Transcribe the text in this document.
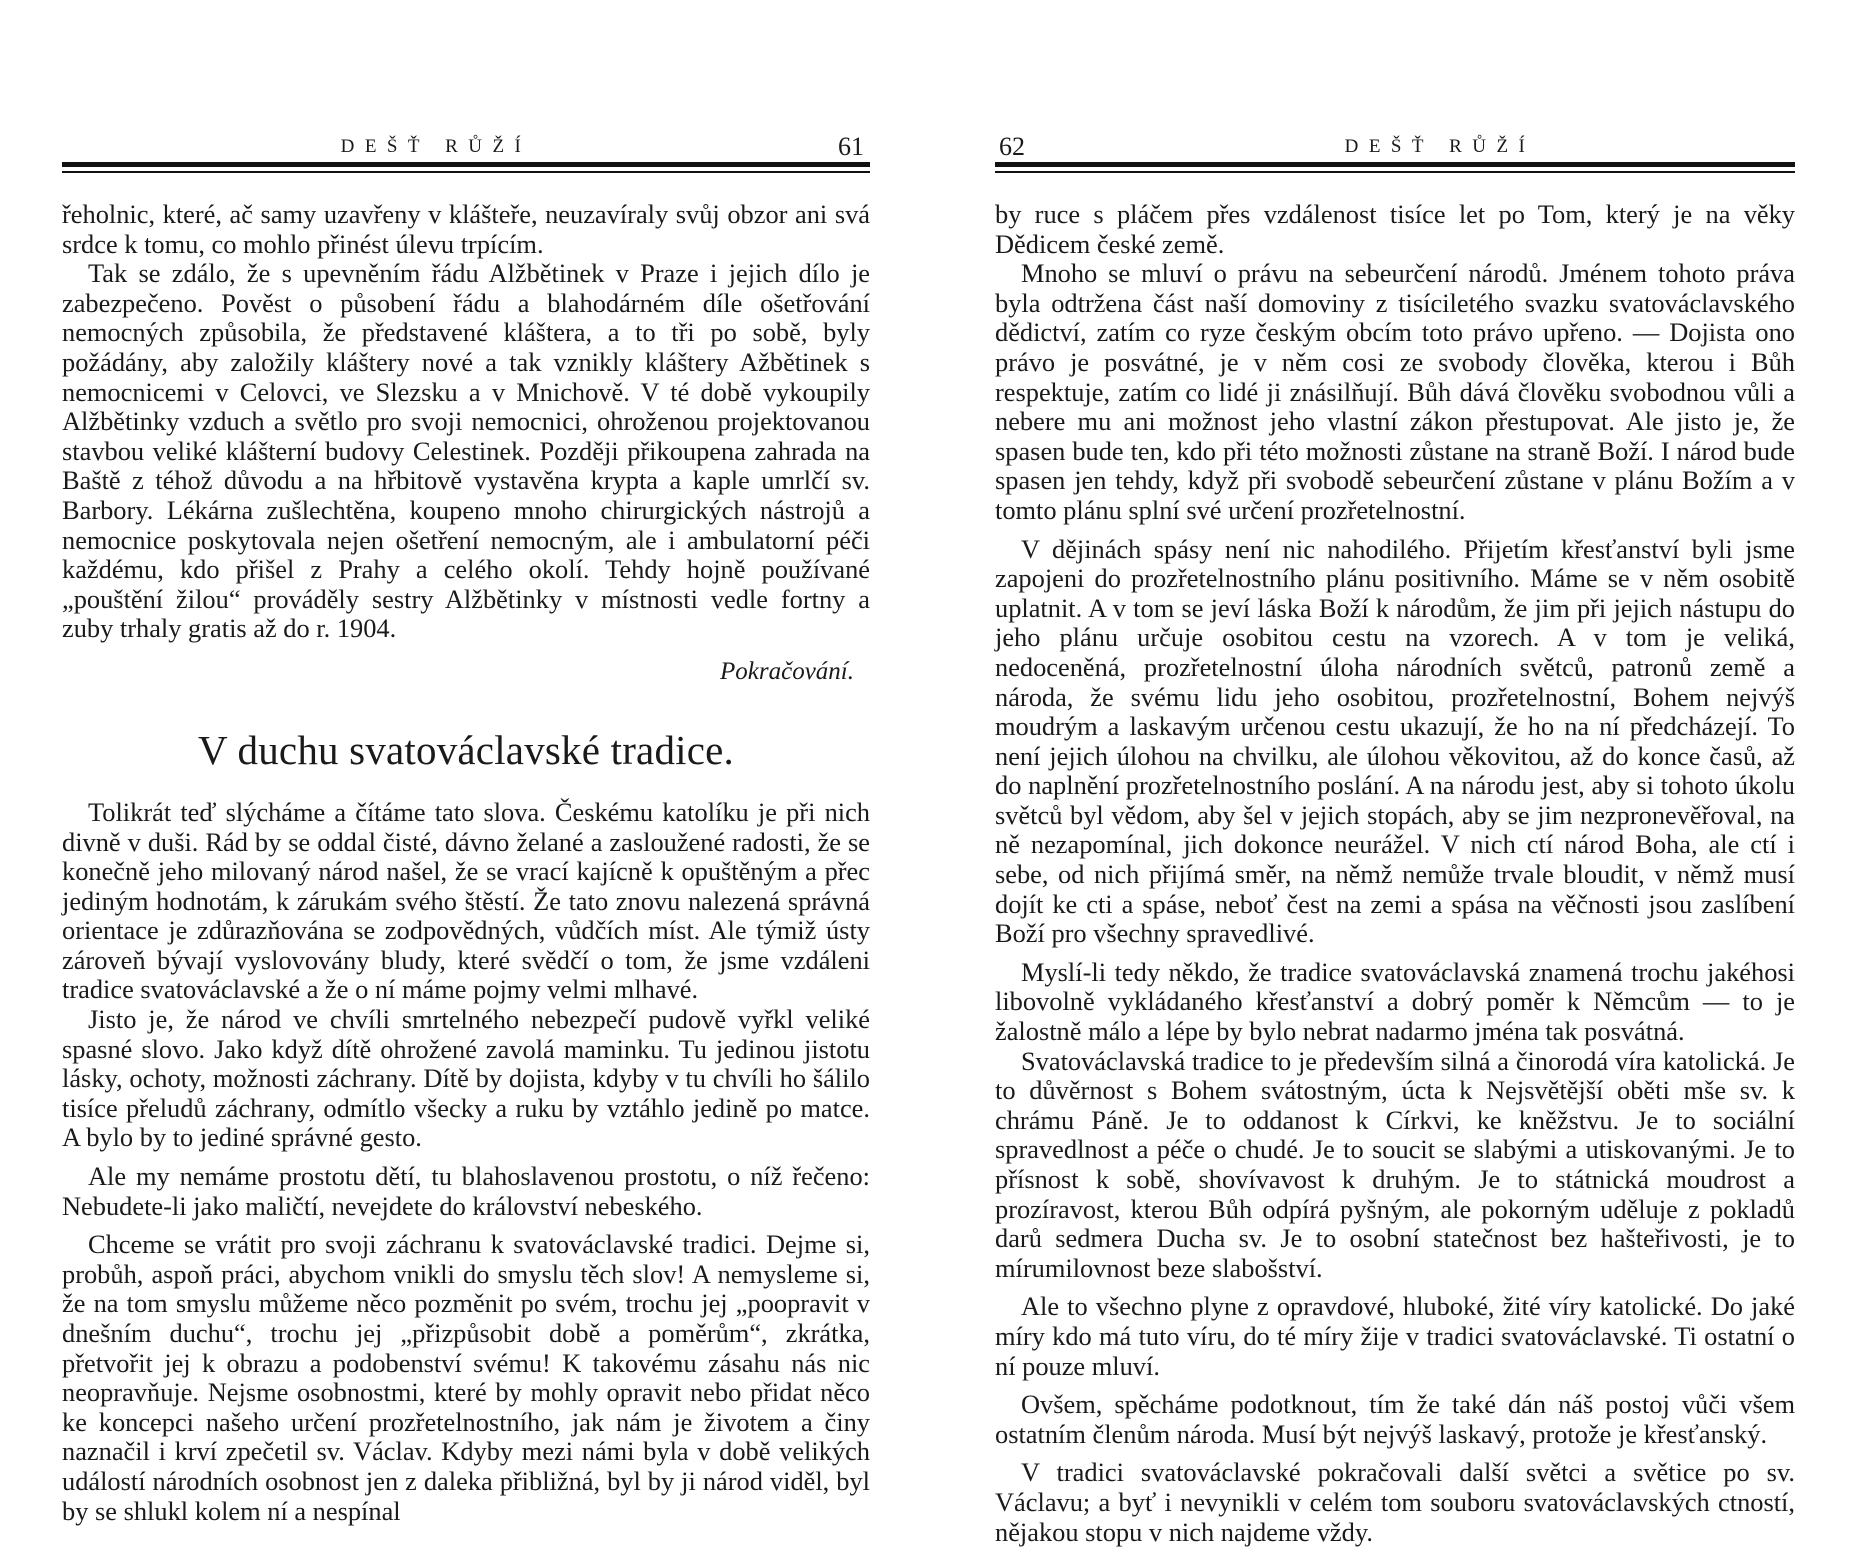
DEŠŤ RŮŽÍ	61

řeholnic, které, ač samy uzavřeny v klášteře, neuzavíraly svůj obzor ani svá srdce k tomu, co mohlo přinést úlevu trpícím.

Tak se zdálo, že s upevněním řádu Alžbětinek v Praze i jejich dílo je zabezpečeno. Pověst o působení řádu a blahodárném díle ošetřování nemocných způsobila, že představené kláštera, a to tři po sobě, byly požádány, aby založily kláštery nové a tak vznikly kláštery Ažbětinek s nemocnicemi v Celovci, ve Slezsku a v Mnichově. V té době vykoupily Alžbětinky vzduch a světlo pro svoji nemocnici, ohroženou projektovanou stavbou veliké klášterní budovy Celestinek. Později přikoupena zahrada na Baště z téhož důvodu a na hřbitově vystavěna krypta a kaple umrlčí sv. Barbory. Lékárna zušlechtěna, koupeno mnoho chirurgických nástrojů a nemocnice poskytovala nejen ošetření nemocným, ale i ambulatorní péči každému, kdo přišel z Prahy a celého okolí. Tehdy hojně používané „pouštění žilou“ prováděly sestry Alžbětinky v místnosti vedle fortny a zuby trhaly gratis až do r. 1904.

Pokračování.
V duchu svatováclavské tradice.

Tolikrát teď slýcháme a čítáme tato slova. Českému katolíku je při nich divně v duši. Rád by se oddal čisté, dávno želané a zasloužené radosti, že se konečně jeho milovaný národ našel, že se vrací kajícně k opuštěným a přec jediným hodnotám, k zárukám svého štěstí. Že tato znovu nalezená správná orientace je zdůrazňována se zodpovědných, vůdčích míst. Ale týmiž ústy zároveň bývají vyslovovány bludy, které svědčí o tom, že jsme vzdáleni tradice svatováclavské a že o ní máme pojmy velmi mlhavé.

Jisto je, že národ ve chvíli smrtelného nebezpečí pudově vyřkl veliké spasné slovo. Jako když dítě ohrožené zavolá maminku. Tu jedinou jistotu lásky, ochoty, možnosti záchrany. Dítě by dojista, kdyby v tu chvíli ho šálilo tisíce přeludů záchrany, odmítlo všecky a ruku by vztáhlo jedině po matce. A bylo by to jediné správné gesto.

Ale my nemáme prostotu dětí, tu blahoslavenou prostotu, o níž řečeno: Nebudete-li jako maličtí, nevejdete do království nebeského.

Chceme se vrátit pro svoji záchranu k svatováclavské tradici. Dejme si, probůh, aspoň práci, abychom vnikli do smyslu těch slov! A nemysleme si, že na tom smyslu můžeme něco pozměnit po svém, trochu jej „poopravit v dnešním duchu“, trochu jej „přizpůsobit době a poměrům“, zkrátka, přetvořit jej k obrazu a podobenství svému! K takovému zásahu nás nic neopravňuje. Nejsme osobnostmi, které by mohly opravit nebo přidat něco ke koncepci našeho určení prozřetelnostního, jak nám je životem a činy naznačil i krví zpečetil sv. Václav. Kdyby mezi námi byla v době velikých událostí národních osobnost jen z daleka přibližná, byl by ji národ viděl, byl by se shlukl kolem ní a nespínal

62	DEŠŤ RŮŽÍ

by ruce s pláčem přes vzdálenost tisíce let po Tom, který je na věky Dědicem české země.

Mnoho se mluví o právu na sebeurčení národů. Jménem tohoto práva byla odtržena část naší domoviny z tisíciletého svazku svatováclavského dědictví, zatím co ryze českým obcím toto právo upřeno. — Dojista ono právo je posvátné, je v něm cosi ze svobody člověka, kterou i Bůh respektuje, zatím co lidé ji znásilňují. Bůh dává člověku svobodnou vůli a nebere mu ani možnost jeho vlastní zákon přestupovat. Ale jisto je, že spasen bude ten, kdo při této možnosti zůstane na straně Boží. I národ bude spasen jen tehdy, když při svobodě sebeurčení zůstane v plánu Božím a v tomto plánu splní své určení prozřetelnostní.

V dějinách spásy není nic nahodilého. Přijetím křesťanství byli jsme zapojeni do prozřetelnostního plánu positivního. Máme se v něm osobitě uplatnit. A v tom se jeví láska Boží k národům, že jim při jejich nástupu do jeho plánu určuje osobitou cestu na vzorech. A v tom je veliká, nedoceněná, prozřetelnostní úloha národních světců, patronů země a národa, že svému lidu jeho osobitou, prozřetelnostní, Bohem nejvýš moudrým a laskavým určenou cestu ukazují, že ho na ní předcházejí. To není jejich úlohou na chvilku, ale úlohou věkovitou, až do konce časů, až do naplnění prozřetelnostního poslání. A na národu jest, aby si tohoto úkolu světců byl vědom, aby šel v jejich stopách, aby se jim nezpronevěřoval, na ně nezapomínal, jich dokonce neurážel. V nich ctí národ Boha, ale ctí i sebe, od nich přijímá směr, na němž nemůže trvale bloudit, v němž musí dojít ke cti a spáse, neboť čest na zemi a spása na věčnosti jsou zaslíbení Boží pro všechny spravedlivé.

Myslí-li tedy někdo, že tradice svatováclavská znamená trochu jakéhosi libovolně vykládaného křesťanství a dobrý poměr k Němcům — to je žalostně málo a lépe by bylo nebrat nadarmo jména tak posvátná.

Svatováclavská tradice to je především silná a činorodá víra katolická. Je to důvěrnost s Bohem svátostným, úcta k Nejsvětější oběti mše sv. k chrámu Páně. Je to oddanost k Církvi, ke kněžstvu. Je to sociální spravedlnost a péče o chudé. Je to soucit se slabými a utiskovanými. Je to přísnost k sobě, shovívavost k druhým. Je to státnická moudrost a prozíravost, kterou Bůh odpírá pyšným, ale pokorným uděluje z pokladů darů sedmera Ducha sv. Je to osobní statečnost bez hašteřivosti, je to mírumilovnost beze slabošství.

Ale to všechno plyne z opravdové, hluboké, žité víry katolické. Do jaké míry kdo má tuto víru, do té míry žije v tradici svatováclavské. Ti ostatní o ní pouze mluví.

Ovšem, spěcháme podotknout, tím že také dán náš postoj vůči všem ostatním členům národa. Musí být nejvýš laskavý, protože je křesťanský.

V tradici svatováclavské pokračovali další světci a světice po sv. Václavu; a byť i nevynikli v celém tom souboru svatováclavských ctností, nějakou stopu v nich najdeme vždy.
